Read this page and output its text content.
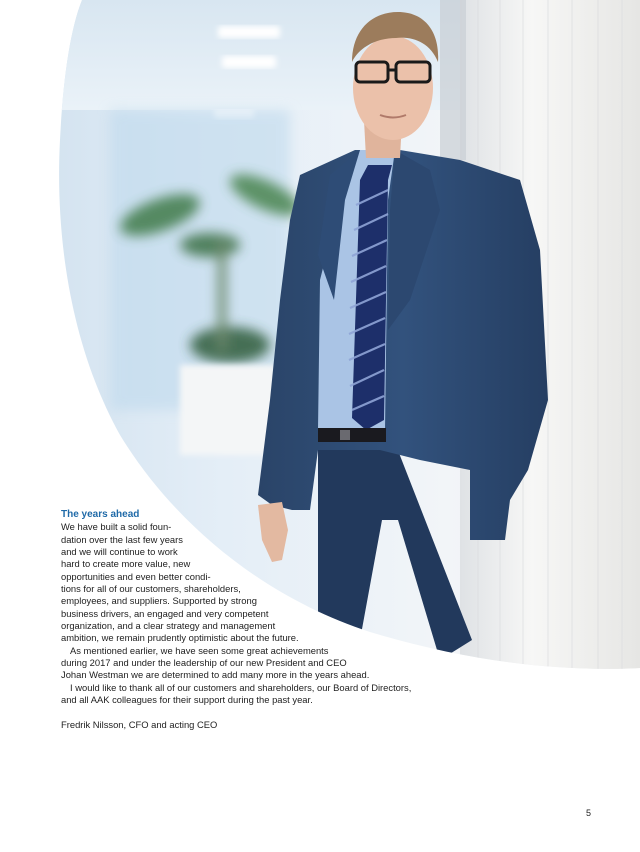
The years ahead

We have built a solid foun-

dation over the last few years

and we will continue to work

hard to create more value, new

opportunities and even better condi-

tions for all of our customers, shareholders,

employees, and suppliers. Supported by strong

business drivers, an engaged and very competent

organization, and a clear strategy and management

ambition, we remain prudently optimistic about the future.

As mentioned earlier, we have seen some great achievements

during 2017 and under the leadership of our new President and CEO

Johan Westman we are determined to add many more in the years ahead.

I would like to thank all of our customers and shareholders, our Board of Directors,

and all AAK colleagues for their support during the past year.

Fredrik Nilsson, CFO and acting CEO

5
